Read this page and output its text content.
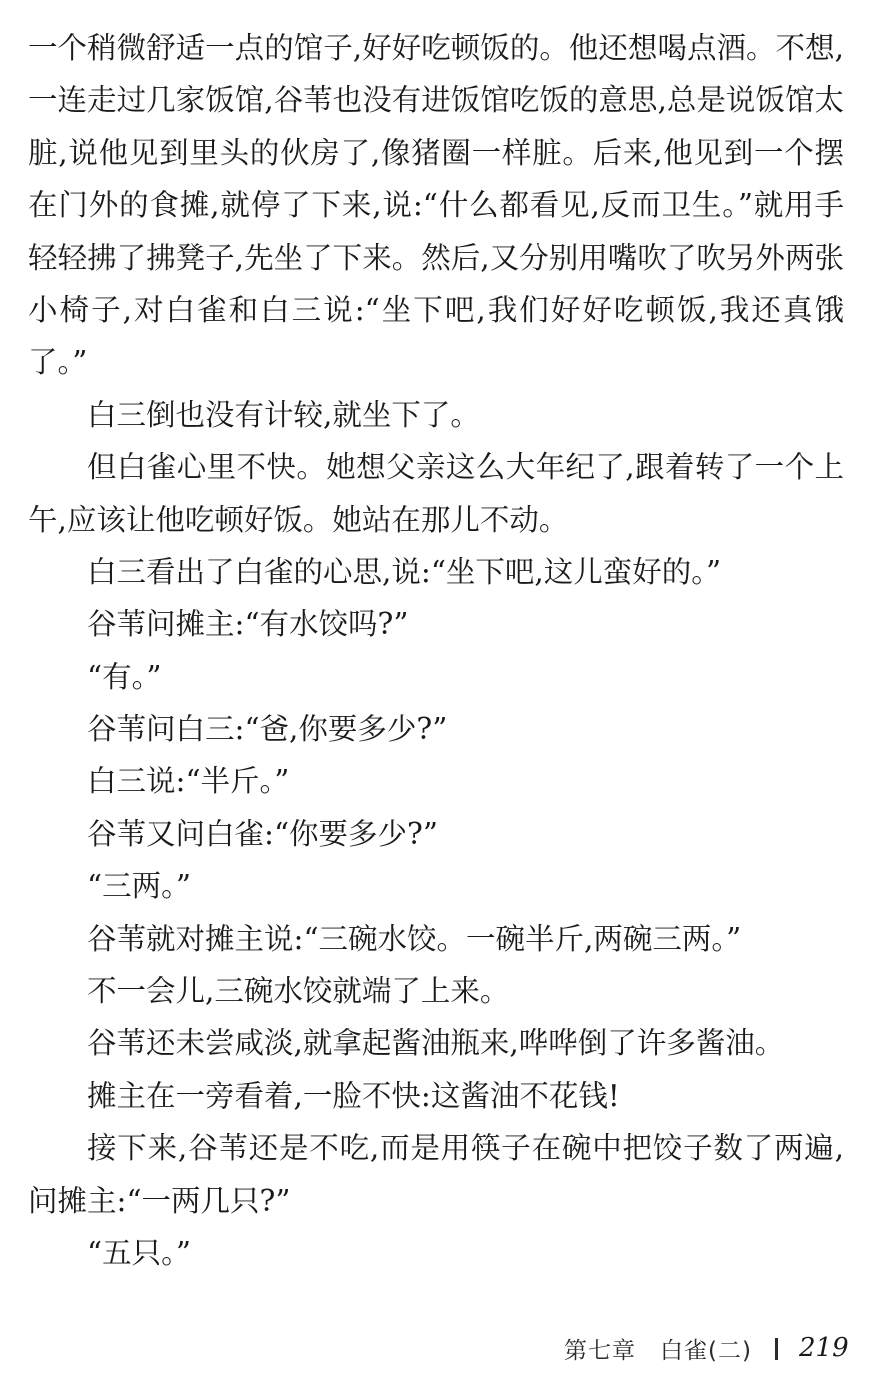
一个稍微舒适一点的馆子,好好吃顿饭的。他还想喝点酒。不想,
一连走过几家饭馆,谷苇也没有进饭馆吃饭的意思,总是说饭馆太
脏,说他见到里头的伙房了,像猪圈一样脏。后来,他见到一个摆
在门外的食摊,就停了下来,说:“什么都看见,反而卫生。”就用手
轻轻拂了拂凳子,先坐了下来。然后,又分别用嘴吹了吹另外两张
小椅子,对白雀和白三说:“坐下吧,我们好好吃顿饭,我还真饿
了。”
白三倒也没有计较,就坐下了。
但白雀心里不快。她想父亲这么大年纪了,跟着转了一个上
午,应该让他吃顿好饭。她站在那儿不动。
白三看出了白雀的心思,说:“坐下吧,这儿蛮好的。”
谷苇问摊主:“有水饺吗?”
“有。”
谷苇问白三:“爸,你要多少?”
白三说:“半斤。”
谷苇又问白雀:“你要多少?”
“三两。”
谷苇就对摊主说:“三碗水饺。一碗半斤,两碗三两。”
不一会儿,三碗水饺就端了上来。
谷苇还未尝咸淡,就拿起酱油瓶来,哗哗倒了许多酱油。
摊主在一旁看着,一脸不快:这酱油不花钱!
接下来,谷苇还是不吃,而是用筷子在碗中把饺子数了两遍,
问摊主:“一两几只?”
“五只。”
第七章　白雀(二) 219
